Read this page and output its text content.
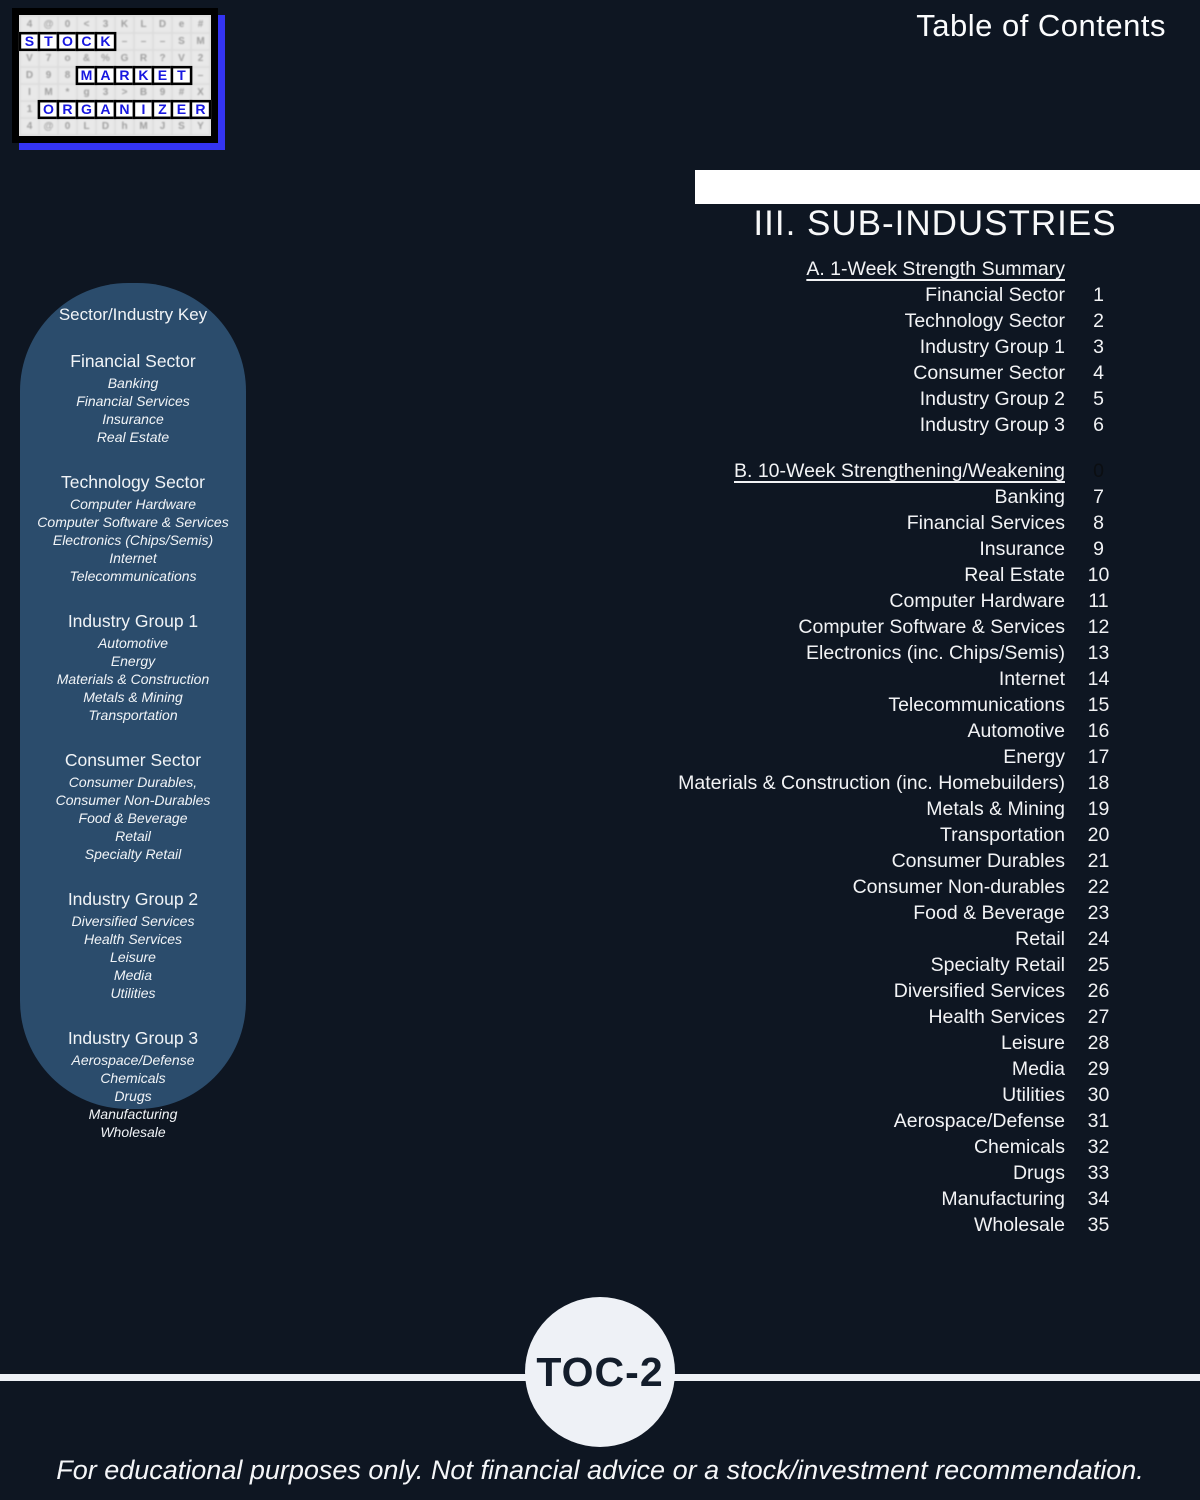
4	@	0	<	3	K	L	D	e	#
S T O C K	–	–	–	S	M
V	7	o	&	%	G	R	?	V	2
D	9	8 M A R K E T	–
I	M	*	g	3	>	B	9	#	X
1 O R G A N	I	Z E R
4	@	0	L	D	h	M	J	S	Y
Table of Contents
III. SUB-INDUSTRIES
A. 1-Week Strength Summary
Financial Sector	1
Technology Sector	2
Industry Group 1	3
Consumer Sector	4
Industry Group 2	5
Industry Group 3	6
B. 10-Week Strengthening/Weakening	0
Banking	7
Financial Services	8
Insurance	9
Real Estate	10
Computer Hardware	11
Computer Software & Services	12
Electronics (inc. Chips/Semis)	13
Internet	14
Telecommunications	15
Automotive	16
Energy	17
Materials & Construction (inc. Homebuilders)	18
Metals & Mining	19
Transportation	20
Consumer Durables	21
Consumer Non-durables	22
Food & Beverage	23
Retail	24
Specialty Retail	25
Diversified Services	26
Health Services	27
Leisure	28
Media	29
Utilities	30
Aerospace/Defense	31
Chemicals	32
Drugs	33
Manufacturing	34
Wholesale	35
Sector/Industry Key
Financial Sector
Banking
Financial Services
Insurance
Real Estate
Technology Sector
Computer Hardware
Computer Software & Services
Electronics (Chips/Semis)
Internet
Telecommunications
Industry Group 1
Automotive
Energy
Materials & Construction
Metals & Mining
Transportation
Consumer Sector
Consumer Durables,
Consumer Non-Durables
Food & Beverage
Retail
Specialty Retail
Industry Group 2
Diversified Services
Health Services
Leisure
Media
Utilities
Industry Group 3
Aerospace/Defense
Chemicals
Drugs
Manufacturing
Wholesale
TOC-2
For educational purposes only. Not financial advice or a stock/investment recommendation.
